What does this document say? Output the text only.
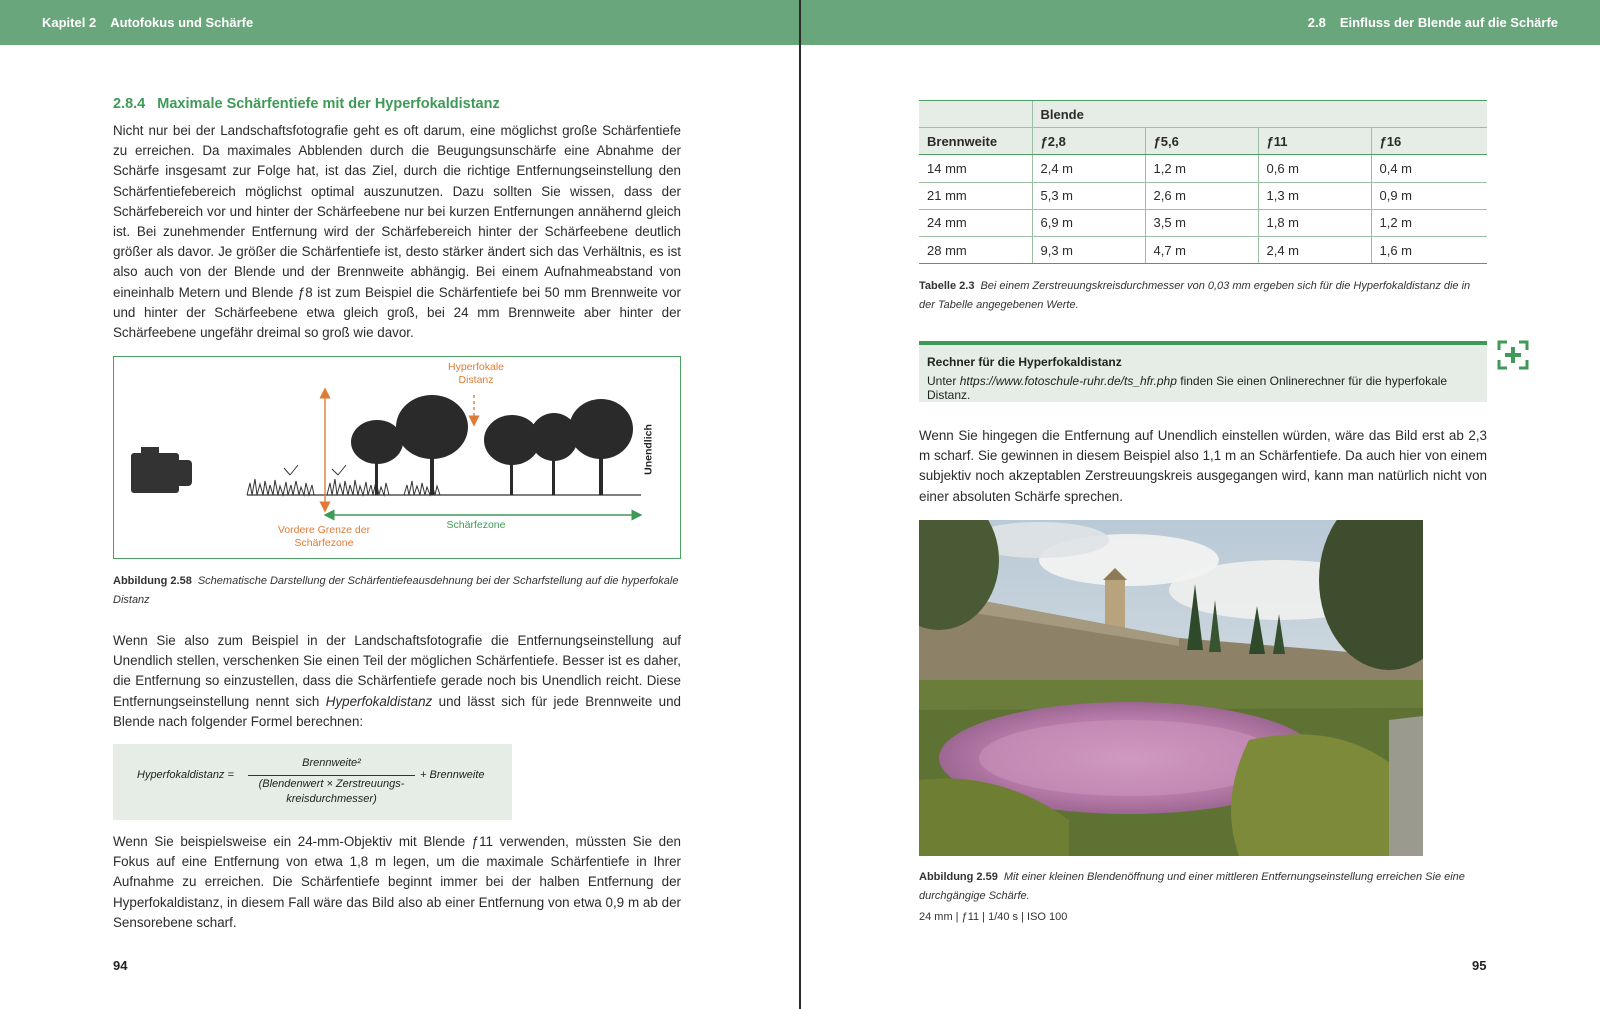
Kapitel 2 Autofokus und Schärfe
2.8.4 Maximale Schärfentiefe mit der Hyperfokaldistanz

Nicht nur bei der Landschaftsfotografie geht es oft darum, eine möglichst große Schärfentiefe zu erreichen. Da maximales Abblenden durch die Beugungsunschärfe eine Abnahme der Schärfe insgesamt zur Folge hat, ist das Ziel, durch die richtige Entfernungseinstellung den Schärfentiefebereich möglichst optimal auszunutzen. Dazu sollten Sie wissen, dass der Schärfebereich vor und hinter der Schärfeebene nur bei kurzen Entfernungen annähernd gleich ist. Bei zunehmender Entfernung wird der Schärfebereich hinter der Schärfeebene deutlich größer als davor. Je größer die Schärfentiefe ist, desto stärker ändert sich das Verhältnis, es ist also auch von der Blende und der Brennweite abhängig. Bei einem Aufnahmeabstand von eineinhalb Metern und Blende ƒ8 ist zum Beispiel die Schärfentiefe bei 50 mm Brennweite vor und hinter der Schärfeebene etwa gleich groß, bei 24 mm Brennweite aber hinter der Schärfeebene ungefähr dreimal so groß wie davor.

Hyperfokale Distanz
Unendlich
Vordere Grenze der Schärfezone
Schärfezone
Abbildung 2.58 Schematische Darstellung der Schärfentiefeausdehnung bei der Scharfstellung auf die hyperfokale Distanz

Wenn Sie also zum Beispiel in der Landschaftsfotografie die Entfernungseinstellung auf Unendlich stellen, verschenken Sie einen Teil der möglichen Schärfentiefe. Besser ist es daher, die Entfernung so einzustellen, dass die Schärfentiefe gerade noch bis Unendlich reicht. Diese Entfernungseinstellung nennt sich Hyperfokaldistanz und lässt sich für jede Brennweite und Blende nach folgender Formel berechnen:

Hyperfokaldistanz =
Brennweite²
(Blendenwert × Zerstreuungs-
kreisdurchmesser)
+ Brennweite

Wenn Sie beispielsweise ein 24-mm-Objektiv mit Blende ƒ11 verwenden, müssten Sie den Fokus auf eine Entfernung von etwa 1,8 m legen, um die maximale Schärfentiefe in Ihrer Aufnahme zu erreichen. Die Schärfentiefe beginnt immer bei der halben Entfernung der Hyperfokaldistanz, in diesem Fall wäre das Bild also ab einer Entfernung von etwa 0,9 m ab der Sensorebene scharf.

94
2.8 Einfluss der Blende auf die Schärfe
	Blende			
Brennweite	ƒ2,8	ƒ5,6	ƒ11	ƒ16
14 mm	2,4 m	1,2 m	0,6 m	0,4 m
21 mm	5,3 m	2,6 m	1,3 m	0,9 m
24 mm	6,9 m	3,5 m	1,8 m	1,2 m
28 mm	9,3 m	4,7 m	2,4 m	1,6 m
Tabelle 2.3 Bei einem Zerstreuungskreisdurchmesser von 0,03 mm ergeben sich für die Hyperfokaldistanz die in der Tabelle angegebenen Werte.
Rechner für die Hyperfokaldistanz
Unter https://www.fotoschule-ruhr.de/ts_hfr.php finden Sie einen Onlinerechner für die hyperfokale Distanz.

Wenn Sie hingegen die Entfernung auf Unendlich einstellen würden, wäre das Bild erst ab 2,3 m scharf. Sie gewinnen in diesem Beispiel also 1,1 m an Schärfentiefe. Da auch hier von einem subjektiv noch akzeptablen Zerstreuungskreis ausgegangen wird, kann man natürlich nicht von einer absoluten Schärfe sprechen.

Abbildung 2.59 Mit einer kleinen Blendenöffnung und einer mittleren Entfernungseinstellung erreichen Sie eine durchgängige Schärfe.
24 mm | ƒ11 | 1/40 s | ISO 100
95
